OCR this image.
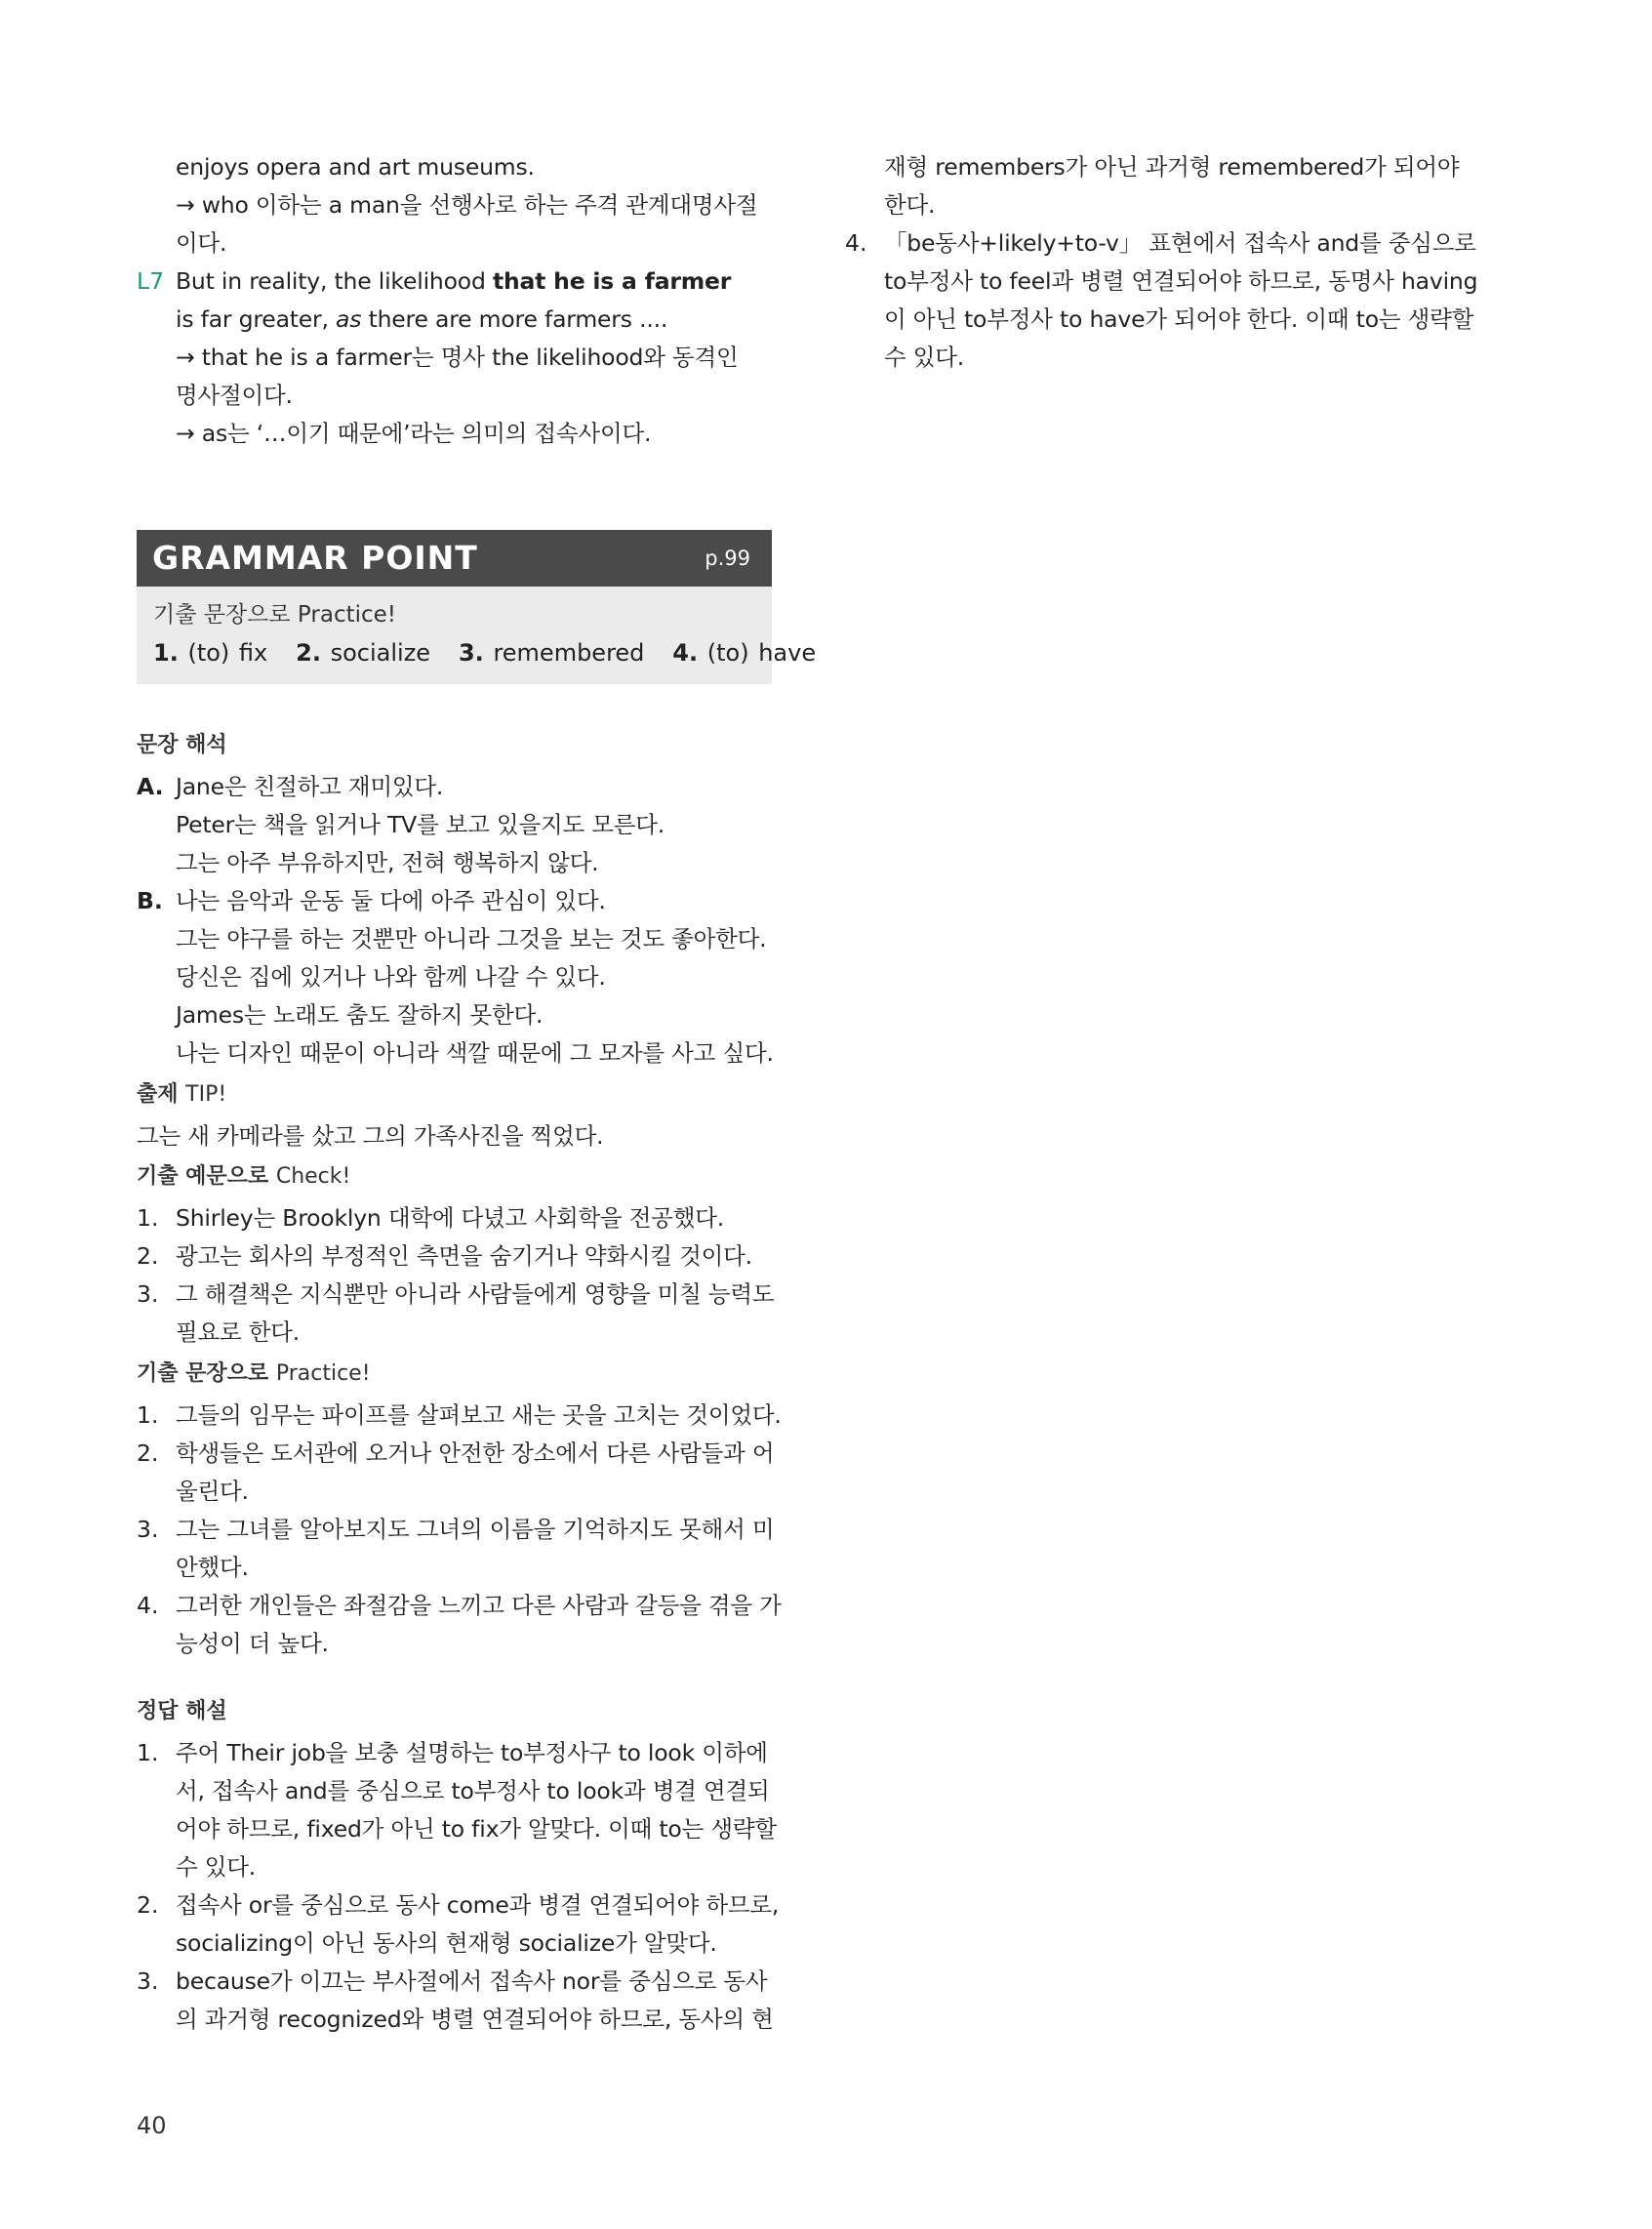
enjoys opera and art museums.
→ who 이하는 a man을 선행사로 하는 주격 관계대명사절
이다.
L7 But in reality, the likelihood that he is a farmer
is far greater, as there are more farmers ....
→ that he is a farmer는 명사 the likelihood와 동격인
명사절이다.
→ as는 ‘…이기 때문에’라는 의미의 접속사이다.
GRAMMAR POINT	p.99
기출 문장으로 Practice!
1. (to) fix 2. socialize 3. remembered 4. (to) have
문장 해석
A. Jane은 친절하고 재미있다.
Peter는 책을 읽거나 TV를 보고 있을지도 모른다.
그는 아주 부유하지만, 전혀 행복하지 않다.
B. 나는 음악과 운동 둘 다에 아주 관심이 있다.
그는 야구를 하는 것뿐만 아니라 그것을 보는 것도 좋아한다.
당신은 집에 있거나 나와 함께 나갈 수 있다.
James는 노래도 춤도 잘하지 못한다.
나는 디자인 때문이 아니라 색깔 때문에 그 모자를 사고 싶다.
출제 TIP!
그는 새 카메라를 샀고 그의 가족사진을 찍었다.
기출 예문으로 Check!
1. Shirley는 Brooklyn 대학에 다녔고 사회학을 전공했다.
2. 광고는 회사의 부정적인 측면을 숨기거나 약화시킬 것이다.
3. 그 해결책은 지식뿐만 아니라 사람들에게 영향을 미칠 능력도
필요로 한다.
기출 문장으로 Practice!
1. 그들의 임무는 파이프를 살펴보고 새는 곳을 고치는 것이었다.
2. 학생들은 도서관에 오거나 안전한 장소에서 다른 사람들과 어
울린다.
3. 그는 그녀를 알아보지도 그녀의 이름을 기억하지도 못해서 미
안했다.
4. 그러한 개인들은 좌절감을 느끼고 다른 사람과 갈등을 겪을 가
능성이 더 높다.
정답 해설
1. 주어 Their job을 보충 설명하는 to부정사구 to look 이하에
서, 접속사 and를 중심으로 to부정사 to look과 병결 연결되
어야 하므로, fixed가 아닌 to fix가 알맞다. 이때 to는 생략할
수 있다.
2. 접속사 or를 중심으로 동사 come과 병결 연결되어야 하므로,
socializing이 아닌 동사의 현재형 socialize가 알맞다.
3. because가 이끄는 부사절에서 접속사 nor를 중심으로 동사
의 과거형 recognized와 병렬 연결되어야 하므로, 동사의 현
재형 remembers가 아닌 과거형 remembered가 되어야
한다.
4. 「be동사+likely+to-v」 표현에서 접속사 and를 중심으로
to부정사 to feel과 병렬 연결되어야 하므로, 동명사 having
이 아닌 to부정사 to have가 되어야 한다. 이때 to는 생략할
수 있다.
40
